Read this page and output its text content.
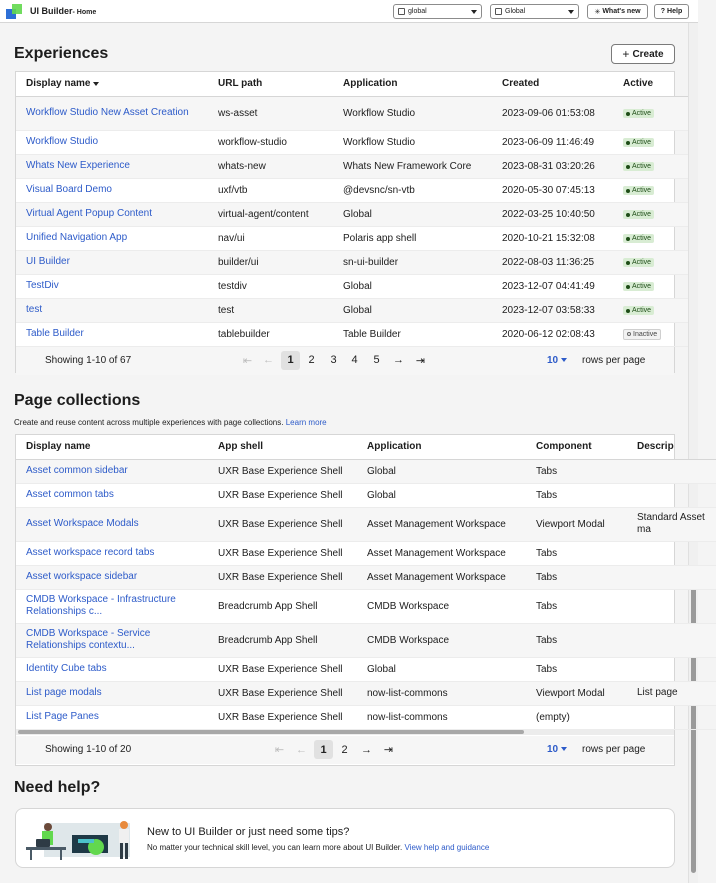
UI Builder- Home	global	Global	✳ What's new	? Help
Experiences	+ Create
Display name	URL path	Application	Created	Active
Workflow Studio New Asset Creation	ws-asset	Workflow Studio	2023-09-06 01:53:08	Active

Workflow Studio	workflow-studio	Workflow Studio	2023-06-09 11:46:49	Active

Whats New Experience	whats-new	Whats New Framework Core	2023-08-31 03:20:26	Active

Visual Board Demo	uxf/vtb	@devsnc/sn-vtb	2020-05-30 07:45:13	Active

Virtual Agent Popup Content	virtual-agent/content	Global	2022-03-25 10:40:50	Active

Unified Navigation App	nav/ui	Polaris app shell	2020-10-21 15:32:08	Active

UI Builder	builder/ui	sn-ui-builder	2022-08-03 11:36:25	Active

TestDiv	testdiv	Global	2023-12-07 04:41:49	Active

test	test	Global	2023-12-07 03:58:33	Active

Table Builder	tablebuilder	Table Builder	2020-06-12 02:08:43	Inactive
Showing 1-10 of 67	⇤ ←	1	2	3	4	5	→	⇥	10	rows per page
Page collections
Create and reuse content across multiple experiences with page collections. Learn more
Display name	App shell	Application	Component	Descrip
Asset common sidebar	UXR Base Experience Shell	Global	Tabs	
Asset common tabs	UXR Base Experience Shell	Global	Tabs	
Asset Workspace Modals	UXR Base Experience Shell	Asset Management Workspace	Viewport Modal	Standard Asset ma
Asset workspace record tabs	UXR Base Experience Shell	Asset Management Workspace	Tabs	
Asset workspace sidebar	UXR Base Experience Shell	Asset Management Workspace	Tabs	
CMDB Workspace - Infrastructure Relationships c...	Breadcrumb App Shell	CMDB Workspace	Tabs	
CMDB Workspace - Service Relationships contextu...	Breadcrumb App Shell	CMDB Workspace	Tabs	
Identity Cube tabs	UXR Base Experience Shell	Global	Tabs	
List page modals	UXR Base Experience Shell	now-list-commons	Viewport Modal	List page
List Page Panes	UXR Base Experience Shell	now-list-commons	(empty)	
Showing 1-10 of 20	⇤	←	1	2	→	⇥	10	rows per page
Need help?
New to UI Builder or just need some tips?
No matter your technical skill level, you can learn more about UI Builder. View help and guidance
